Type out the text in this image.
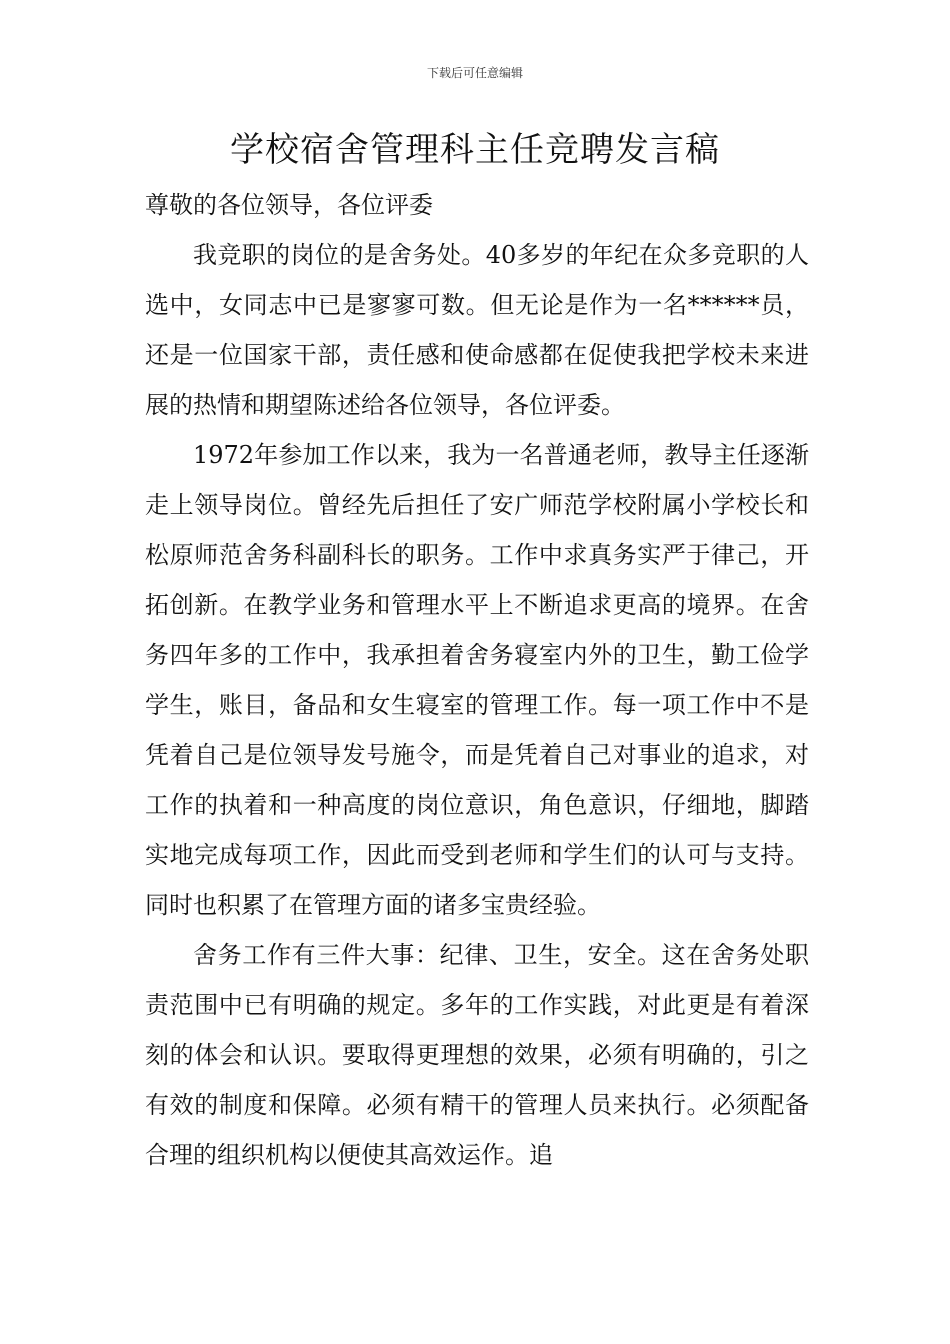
下载后可任意编辑
学校宿舍管理科主任竞聘发言稿

尊敬的各位领导，各位评委

我竞职的岗位的是舍务处。40多岁的年纪在众多竞职的人选中，女同志中已是寥寥可数。但无论是作为一名******员，还是一位国家干部，责任感和使命感都在促使我把学校未来进展的热情和期望陈述给各位领导，各位评委。

1972年参加工作以来，我为一名普通老师，教导主任逐渐走上领导岗位。曾经先后担任了安广师范学校附属小学校长和松原师范舍务科副科长的职务。工作中求真务实严于律己，开拓创新。在教学业务和管理水平上不断追求更高的境界。在舍务四年多的工作中，我承担着舍务寝室内外的卫生，勤工俭学学生，账目，备品和女生寝室的管理工作。每一项工作中不是凭着自己是位领导发号施令，而是凭着自己对事业的追求，对工作的执着和一种高度的岗位意识，角色意识，仔细地，脚踏实地完成每项工作，因此而受到老师和学生们的认可与支持。同时也积累了在管理方面的诸多宝贵经验。

舍务工作有三件大事：纪律、卫生，安全。这在舍务处职责范围中已有明确的规定。多年的工作实践，对此更是有着深刻的体会和认识。要取得更理想的效果，必须有明确的，引之有效的制度和保障。必须有精干的管理人员来执行。必须配备合理的组织机构以便使其高效运作。追
